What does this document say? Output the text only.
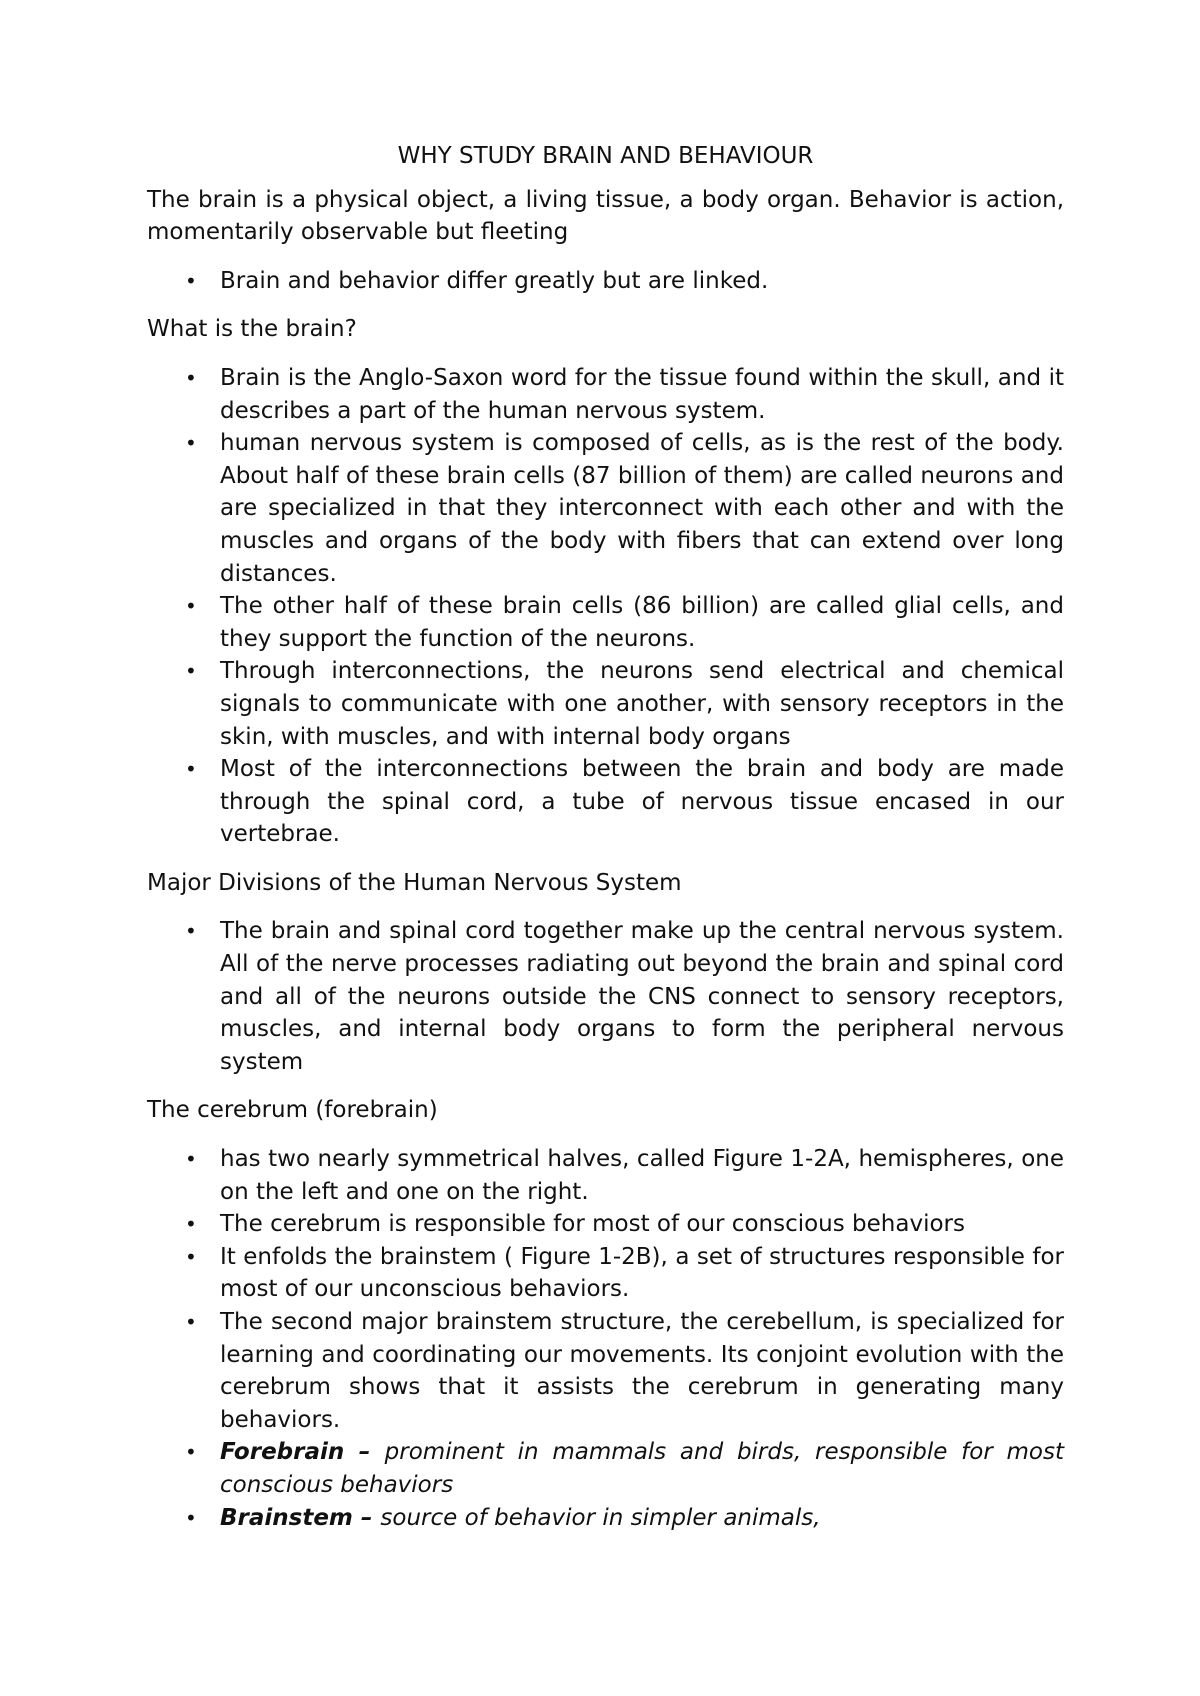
WHY STUDY BRAIN AND BEHAVIOUR

The brain is a physical object, a living tissue, a body organ. Behavior is action, momentarily observable but fleeting

•	Brain and behavior differ greatly but are linked.
What is the brain?
•	Brain is the Anglo-Saxon word for the tissue found within the skull, and it describes a part of the human nervous system.
•	human nervous system is composed of cells, as is the rest of the body. About half of these brain cells (87 billion of them) are called neurons and are specialized in that they interconnect with each other and with the muscles and organs of the body with fibers that can extend over long distances.
•	The other half of these brain cells (86 billion) are called glial cells, and they support the function of the neurons.
•	Through interconnections, the neurons send electrical and chemical signals to communicate with one another, with sensory receptors in the skin, with muscles, and with internal body organs
•	Most of the interconnections between the brain and body are made through the spinal cord, a tube of nervous tissue encased in our vertebrae.
Major Divisions of the Human Nervous System
•	The brain and spinal cord together make up the central nervous system. All of the nerve processes radiating out beyond the brain and spinal cord and all of the neurons outside the CNS connect to sensory receptors, muscles, and internal body organs to form the peripheral nervous system
The cerebrum (forebrain)
•	has two nearly symmetrical halves, called Figure 1-2A, hemispheres, one on the left and one on the right.
•	The cerebrum is responsible for most of our conscious behaviors
•	It enfolds the brainstem ( Figure 1-2B), a set of structures responsible for most of our unconscious behaviors.
•	The second major brainstem structure, the cerebellum, is specialized for learning and coordinating our movements. Its conjoint evolution with the cerebrum shows that it assists the cerebrum in generating many behaviors.
•	Forebrain – prominent in mammals and birds, responsible for most conscious behaviors
•	Brainstem – source of behavior in simpler animals,
